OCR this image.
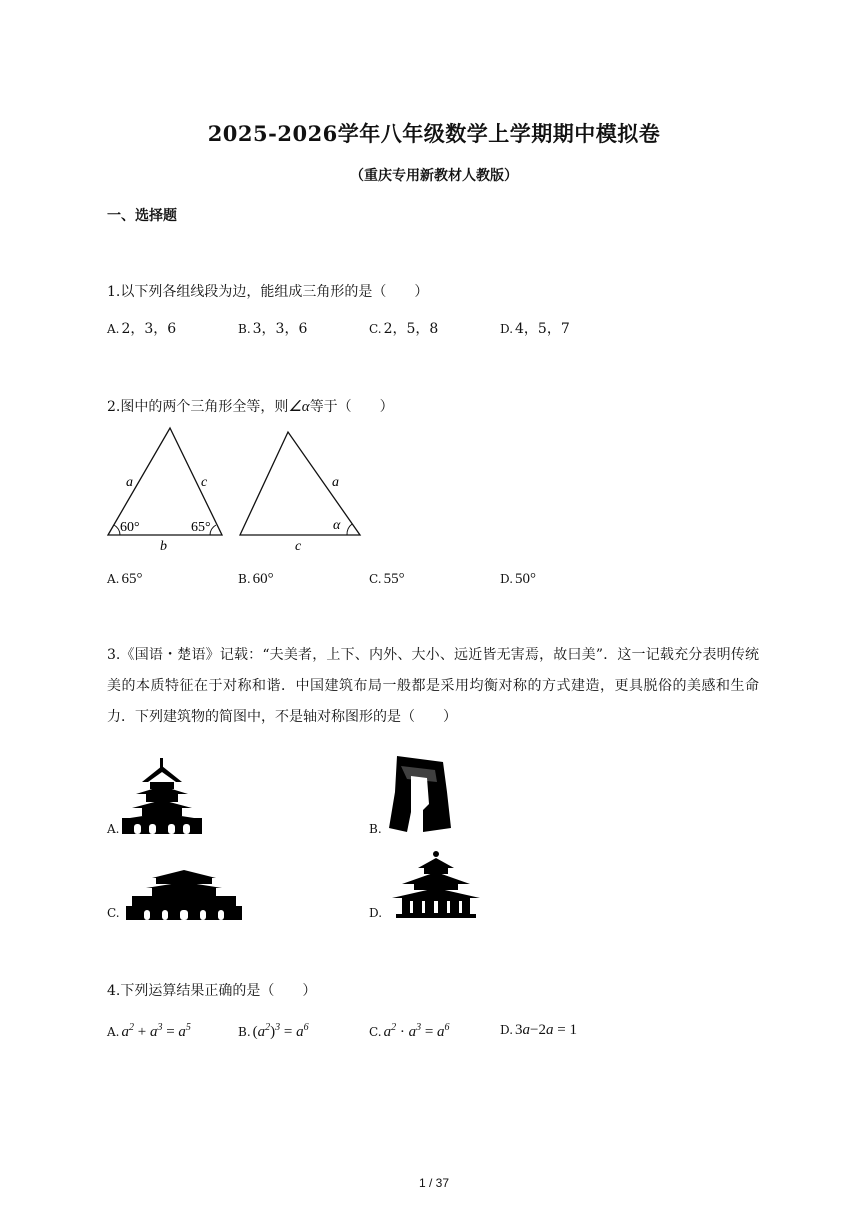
2025-2026学年八年级数学上学期期中模拟卷
（重庆专用新教材人教版）
一、选择题
1.以下列各组线段为边，能组成三角形的是（　　）
A. 2，3，6	B. 3，3，6	C. 2，5，8	D. 4，5，7
2.图中的两个三角形全等，则∠α等于（　　）
a	c
b
60°	65°
a
c
α
A. 65°	B. 60°	C. 55°	D. 50°
3.《国语・楚语》记载：“夫美者，上下、内外、大小、远近皆无害焉，故曰美”．这一记载充分表明传统美的本质特征在于对称和谐．中国建筑布局一般都是采用均衡对称的方式建造，更具脱俗的美感和生命力．下列建筑物的简图中，不是轴对称图形的是（　　）
A.	B.
C.	D.
4.下列运算结果正确的是（　　）
A. $a^2 + a^3 = a^5$	B. $(a^2)^3 = a^6$	C. $a^2 \cdot a^3 = a^6$	D. 3a−2a = 1
1 / 37
